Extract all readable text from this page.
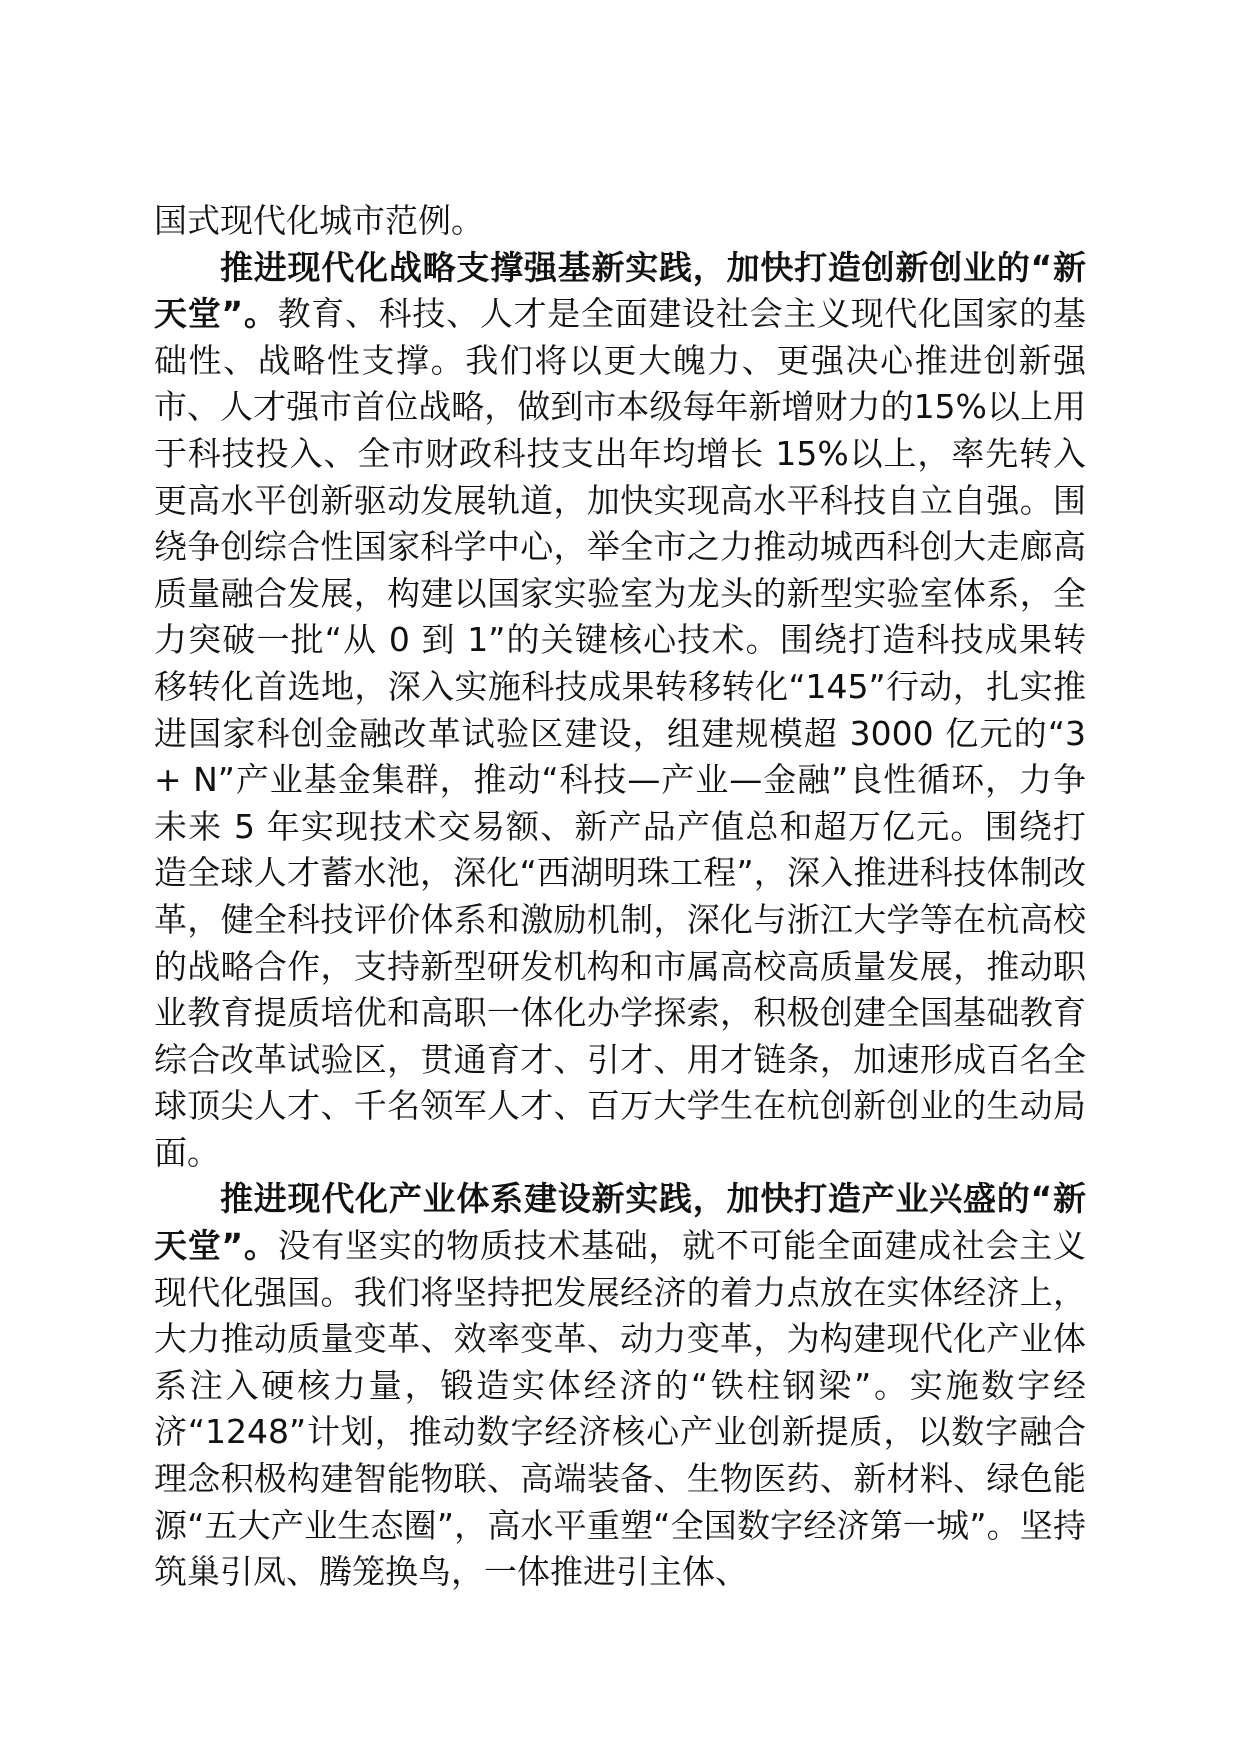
国式现代化城市范例。

推进现代化战略支撑强基新实践，加快打造创新创业的“新天堂”。教育、科技、人才是全面建设社会主义现代化国家的基础性、战略性支撑。我们将以更大魄力、更强决心推进创新强市、人才强市首位战略，做到市本级每年新增财力的15%以上用于科技投入、全市财政科技支出年均增长 15%以上，率先转入更高水平创新驱动发展轨道，加快实现高水平科技自立自强。围绕争创综合性国家科学中心，举全市之力推动城西科创大走廊高质量融合发展，构建以国家实验室为龙头的新型实验室体系，全力突破一批“从 0 到 1”的关键核心技术。围绕打造科技成果转移转化首选地，深入实施科技成果转移转化“145”行动，扎实推进国家科创金融改革试验区建设，组建规模超 3000 亿元的“3 + N”产业基金集群，推动“科技—产业—金融”良性循环，力争未来 5 年实现技术交易额、新产品产值总和超万亿元。围绕打造全球人才蓄水池，深化“西湖明珠工程”，深入推进科技体制改革，健全科技评价体系和激励机制，深化与浙江大学等在杭高校的战略合作，支持新型研发机构和市属高校高质量发展，推动职业教育提质培优和高职一体化办学探索，积极创建全国基础教育综合改革试验区，贯通育才、引才、用才链条，加速形成百名全球顶尖人才、千名领军人才、百万大学生在杭创新创业的生动局面。

推进现代化产业体系建设新实践，加快打造产业兴盛的“新天堂”。没有坚实的物质技术基础，就不可能全面建成社会主义现代化强国。我们将坚持把发展经济的着力点放在实体经济上，大力推动质量变革、效率变革、动力变革，为构建现代化产业体系注入硬核力量，锻造实体经济的“铁柱钢梁”。实施数字经济“1248”计划，推动数字经济核心产业创新提质，以数字融合理念积极构建智能物联、高端装备、生物医药、新材料、绿色能源“五大产业生态圈”，高水平重塑“全国数字经济第一城”。坚持筑巢引凤、腾笼换鸟，一体推进引主体、
